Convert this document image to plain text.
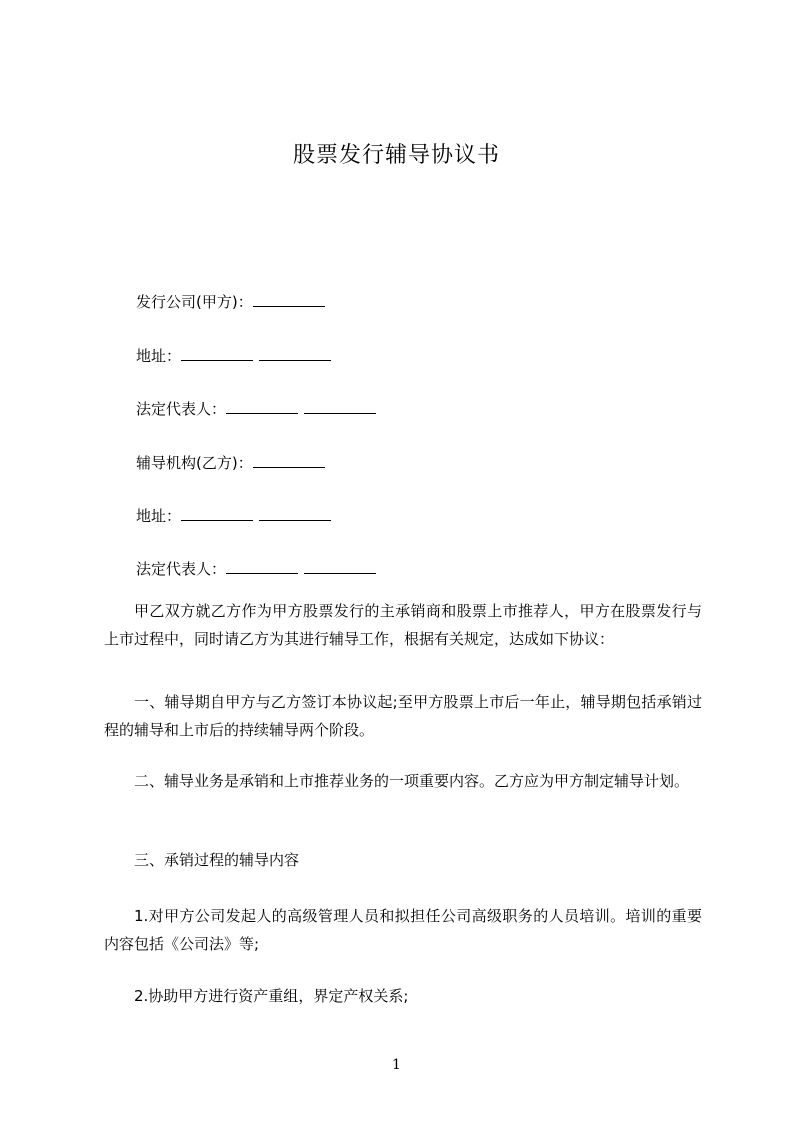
股票发行辅导协议书
发行公司(甲方)：
地址：
法定代表人：
辅导机构(乙方)：
地址：
法定代表人：

甲乙双方就乙方作为甲方股票发行的主承销商和股票上市推荐人，甲方在股票发行与上市过程中，同时请乙方为其进行辅导工作，根据有关规定，达成如下协议：

一、辅导期自甲方与乙方签订本协议起;至甲方股票上市后一年止，辅导期包括承销过程的辅导和上市后的持续辅导两个阶段。

二、辅导业务是承销和上市推荐业务的一项重要内容。乙方应为甲方制定辅导计划。

三、承销过程的辅导内容

1.对甲方公司发起人的高级管理人员和拟担任公司高级职务的人员培训。培训的重要内容包括《公司法》等;

2.协助甲方进行资产重组，界定产权关系;

1
